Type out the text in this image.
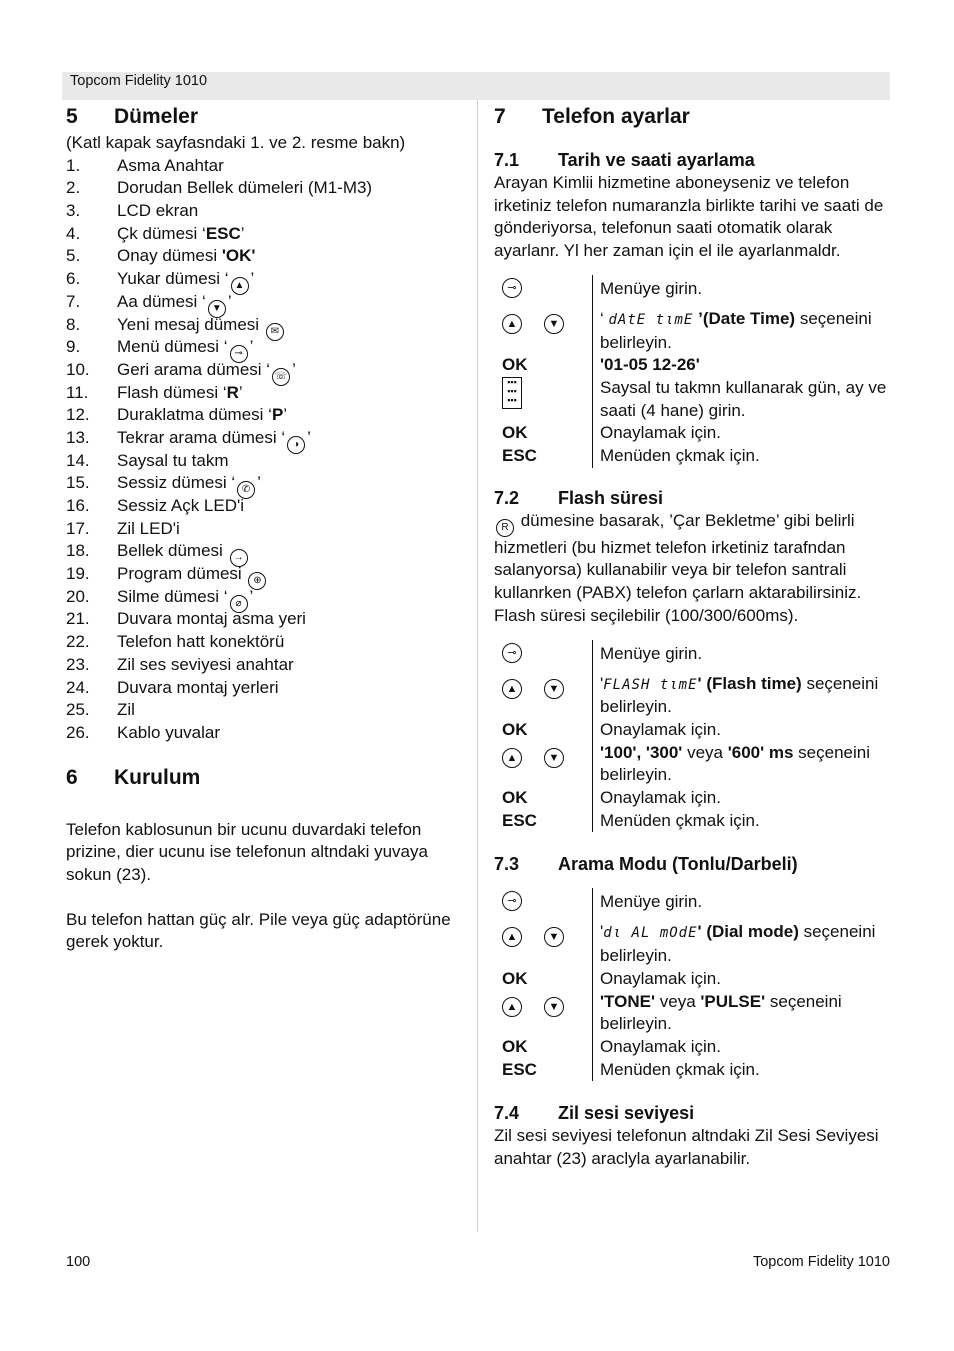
Topcom Fidelity 1010
5	Dümeler

(Katl kapak sayfasndaki 1. ve 2. resme bakn)

1.	Asma Anahtar
2.	Dorudan Bellek dümeleri (M1-M3)
3.	LCD ekran
4.	Çk dümesi ‘ESC’
5.	Onay dümesi 'OK'
6.	Yukar dümesi ‘ ▲ ’
7.	Aa dümesi ‘ ▼ ’
8.	Yeni mesaj dümesi ✉
9.	Menü dümesi ‘ ⊸ ’
10.	Geri arama dümesi ‘ ☏ ’
11.	Flash dümesi ‘R’
12.	Duraklatma dümesi ‘P’
13.	Tekrar arama dümesi ‘ ◑ ’
14.	Saysal tu takm
15.	Sessiz dümesi ‘ ✆ ’
16.	Sessiz Açk LED'i
17.	Zil LED'i
18.	Bellek dümesi →
19.	Program dümesi ⊕
20.	Silme dümesi ‘ ⌀ ’
21.	Duvara montaj asma yeri
22.	Telefon hatt konektörü
23.	Zil ses seviyesi anahtar
24.	Duvara montaj yerleri
25.	Zil
26.	Kablo yuvalar
6	Kurulum

Telefon kablosunun bir ucunu duvardaki telefon prizine, dier ucunu ise telefonun altndaki yuvaya sokun (23).

Bu telefon hattan güç alr. Pile veya güç adaptörüne gerek yoktur.

7	Telefon ayarlar
7.1	Tarih ve saati ayarlama

Arayan Kimlii hizmetine aboneyseniz ve telefon irketiniz telefon numaranzla birlikte tarihi ve saati de gönderiyorsa, telefonun saati otomatik olarak ayarlanr. Yl her zaman için el ile ayarlanmaldr.

⊸	Menüye girin.

▲ ▼	‘ dAtE tιmE ’(Date Time) seçeneini belirleyin.
OK	'01-05 12-26'
▪▪▪ ▪▪▪ ▪▪▪	Saysal tu takmn kullanarak gün, ay ve saati (4 hane) girin.
OK	Onaylamak için.
ESC	Menüden çkmak için.
7.2	Flash süresi

R dümesine basarak, ’Çar Bekletme’ gibi belirli hizmetleri (bu hizmet telefon irketiniz tarafndan salanyorsa) kullanabilir veya bir telefon santrali kullanrken (PABX) telefon çarlarn aktarabilirsiniz. Flash süresi seçilebilir (100/300/600ms).

⊸	Menüye girin.

▲ ▼	'FLASH tιmE' (Flash time) seçeneini belirleyin.
OK	Onaylamak için.

▲ ▼	'100', '300' veya '600' ms seçeneini belirleyin.
OK	Onaylamak için.
ESC	Menüden çkmak için.
7.3	Arama Modu (Tonlu/Darbeli)
⊸	Menüye girin.

▲ ▼	'dι AL mOdE' (Dial mode) seçeneini belirleyin.
OK	Onaylamak için.

▲ ▼	'TONE' veya 'PULSE' seçeneini belirleyin.
OK	Onaylamak için.
ESC	Menüden çkmak için.
7.4	Zil sesi seviyesi

Zil sesi seviyesi telefonun altndaki Zil Sesi Seviyesi anahtar (23) araclyla ayarlanabilir.

100	Topcom Fidelity 1010
